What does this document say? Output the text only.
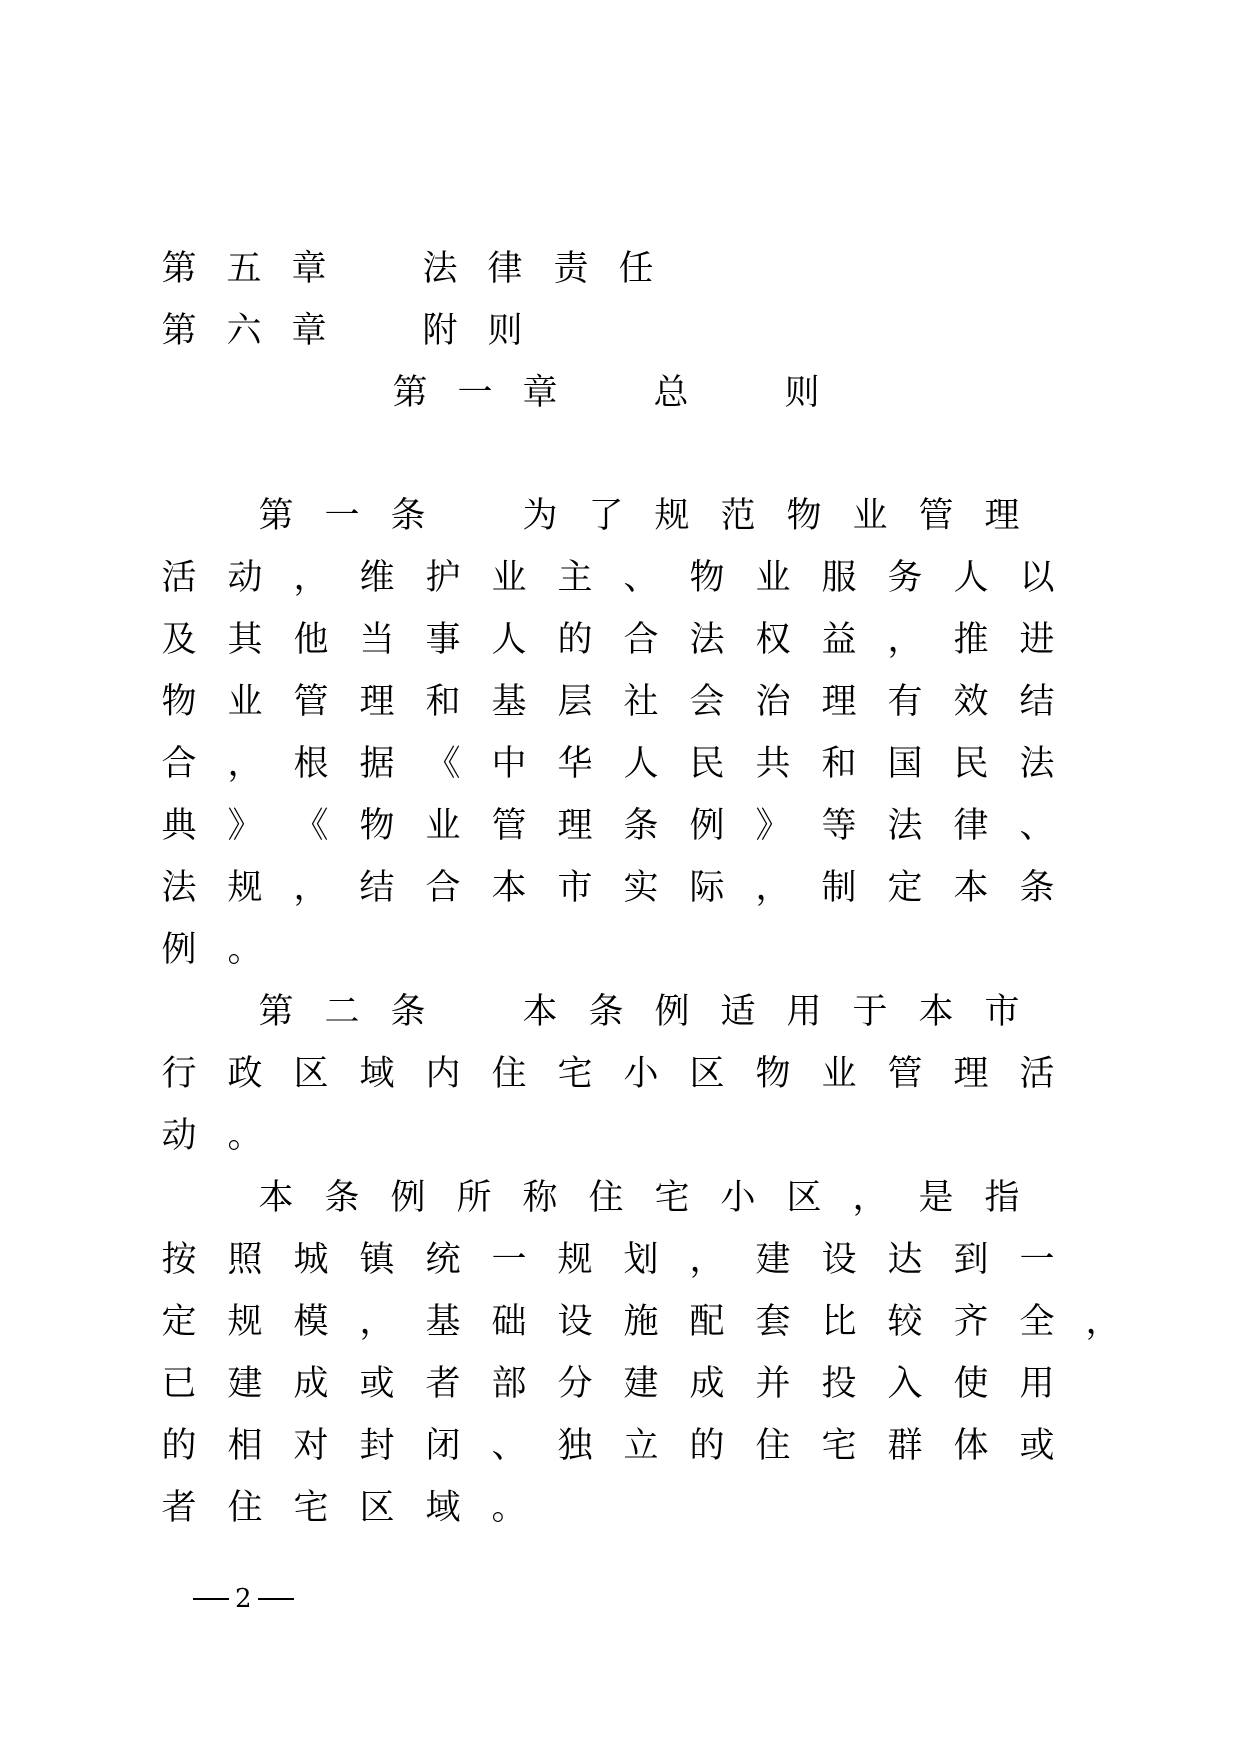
第 五 章	法 律 责 任
第 六 章	附 则
第 一 章	总	则
第 一 条	为 了 规 范 物 业 管 理
活 动 ， 维 护 业 主 、 物 业 服 务 人 以
及 其 他 当 事 人 的 合 法 权 益 ， 推 进
物 业 管 理 和 基 层 社 会 治 理 有 效 结
合 ， 根 据 《 中 华 人 民 共 和 国 民 法
典 》 《 物 业 管 理 条 例 》 等 法 律 、
法 规 ， 结 合 本 市 实 际 ， 制 定 本 条
例 。
第 二 条	本 条 例 适 用 于 本 市
行 政 区 域 内 住 宅 小 区 物 业 管 理 活
动 。
本 条 例 所 称 住 宅 小 区 ， 是 指
按 照 城 镇 统 一 规 划 ， 建 设 达 到 一
定 规 模 ， 基 础 设 施 配 套 比 较 齐 全 ，
已 建 成 或 者 部 分 建 成 并 投 入 使 用
的 相 对 封 闭 、 独 立 的 住 宅 群 体 或
者 住 宅 区 域 。
2
